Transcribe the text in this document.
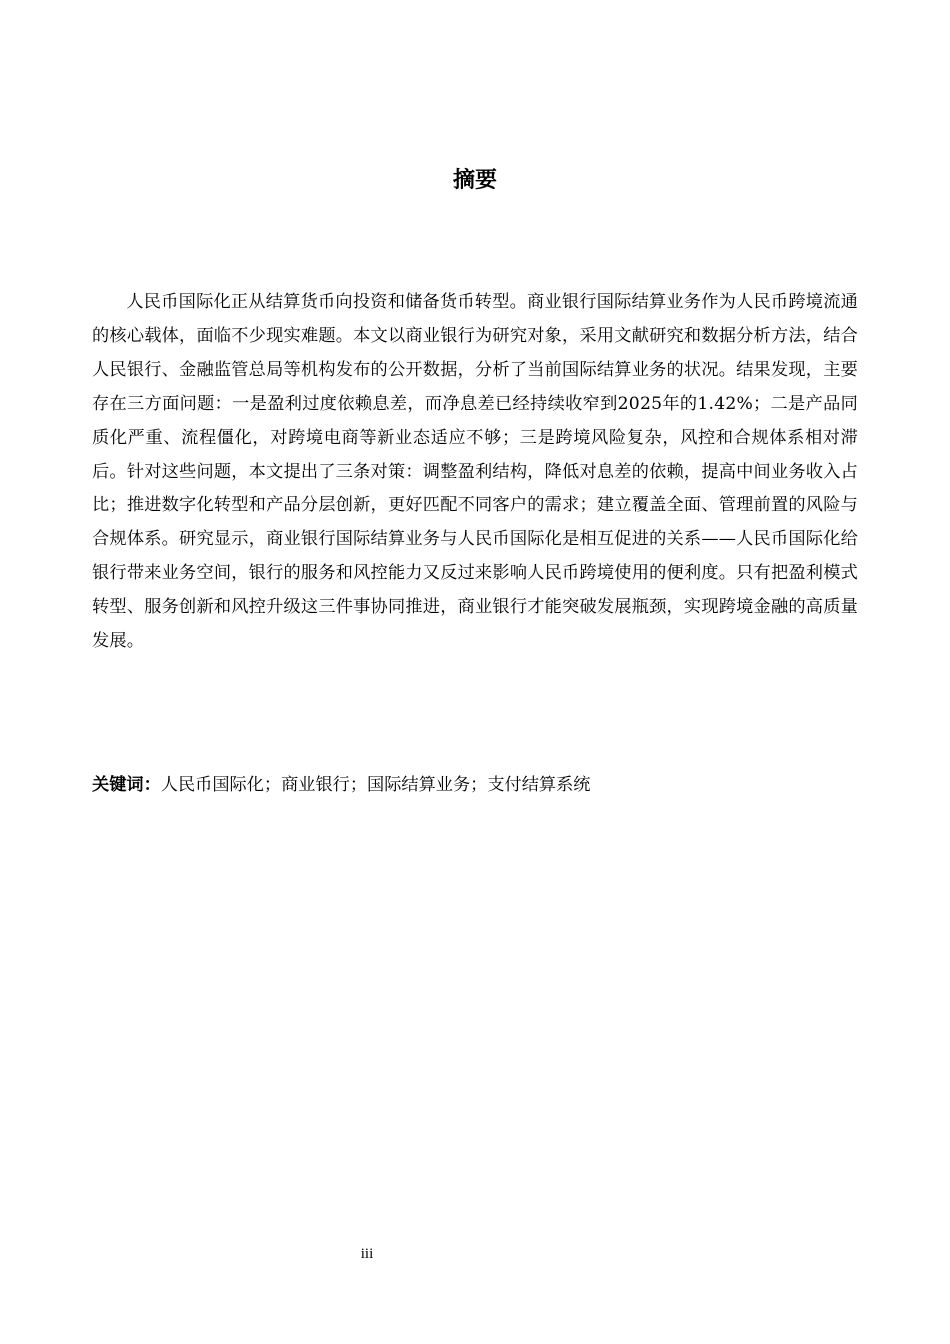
摘要

人民币国际化正从结算货币向投资和储备货币转型。商业银行国际结算业务作为人民币跨境流通的核心载体，面临不少现实难题。本文以商业银行为研究对象，采用文献研究和数据分析方法，结合人民银行、金融监管总局等机构发布的公开数据，分析了当前国际结算业务的状况。结果发现，主要存在三方面问题：一是盈利过度依赖息差，而净息差已经持续收窄到2025年的1.42%；二是产品同质化严重、流程僵化，对跨境电商等新业态适应不够；三是跨境风险复杂，风控和合规体系相对滞后。针对这些问题，本文提出了三条对策：调整盈利结构，降低对息差的依赖，提高中间业务收入占比；推进数字化转型和产品分层创新，更好匹配不同客户的需求；建立覆盖全面、管理前置的风险与合规体系。研究显示，商业银行国际结算业务与人民币国际化是相互促进的关系——人民币国际化给银行带来业务空间，银行的服务和风控能力又反过来影响人民币跨境使用的便利度。只有把盈利模式转型、服务创新和风控升级这三件事协同推进，商业银行才能突破发展瓶颈，实现跨境金融的高质量发展。

关键词：人民币国际化；商业银行；国际结算业务；支付结算系统

iii
